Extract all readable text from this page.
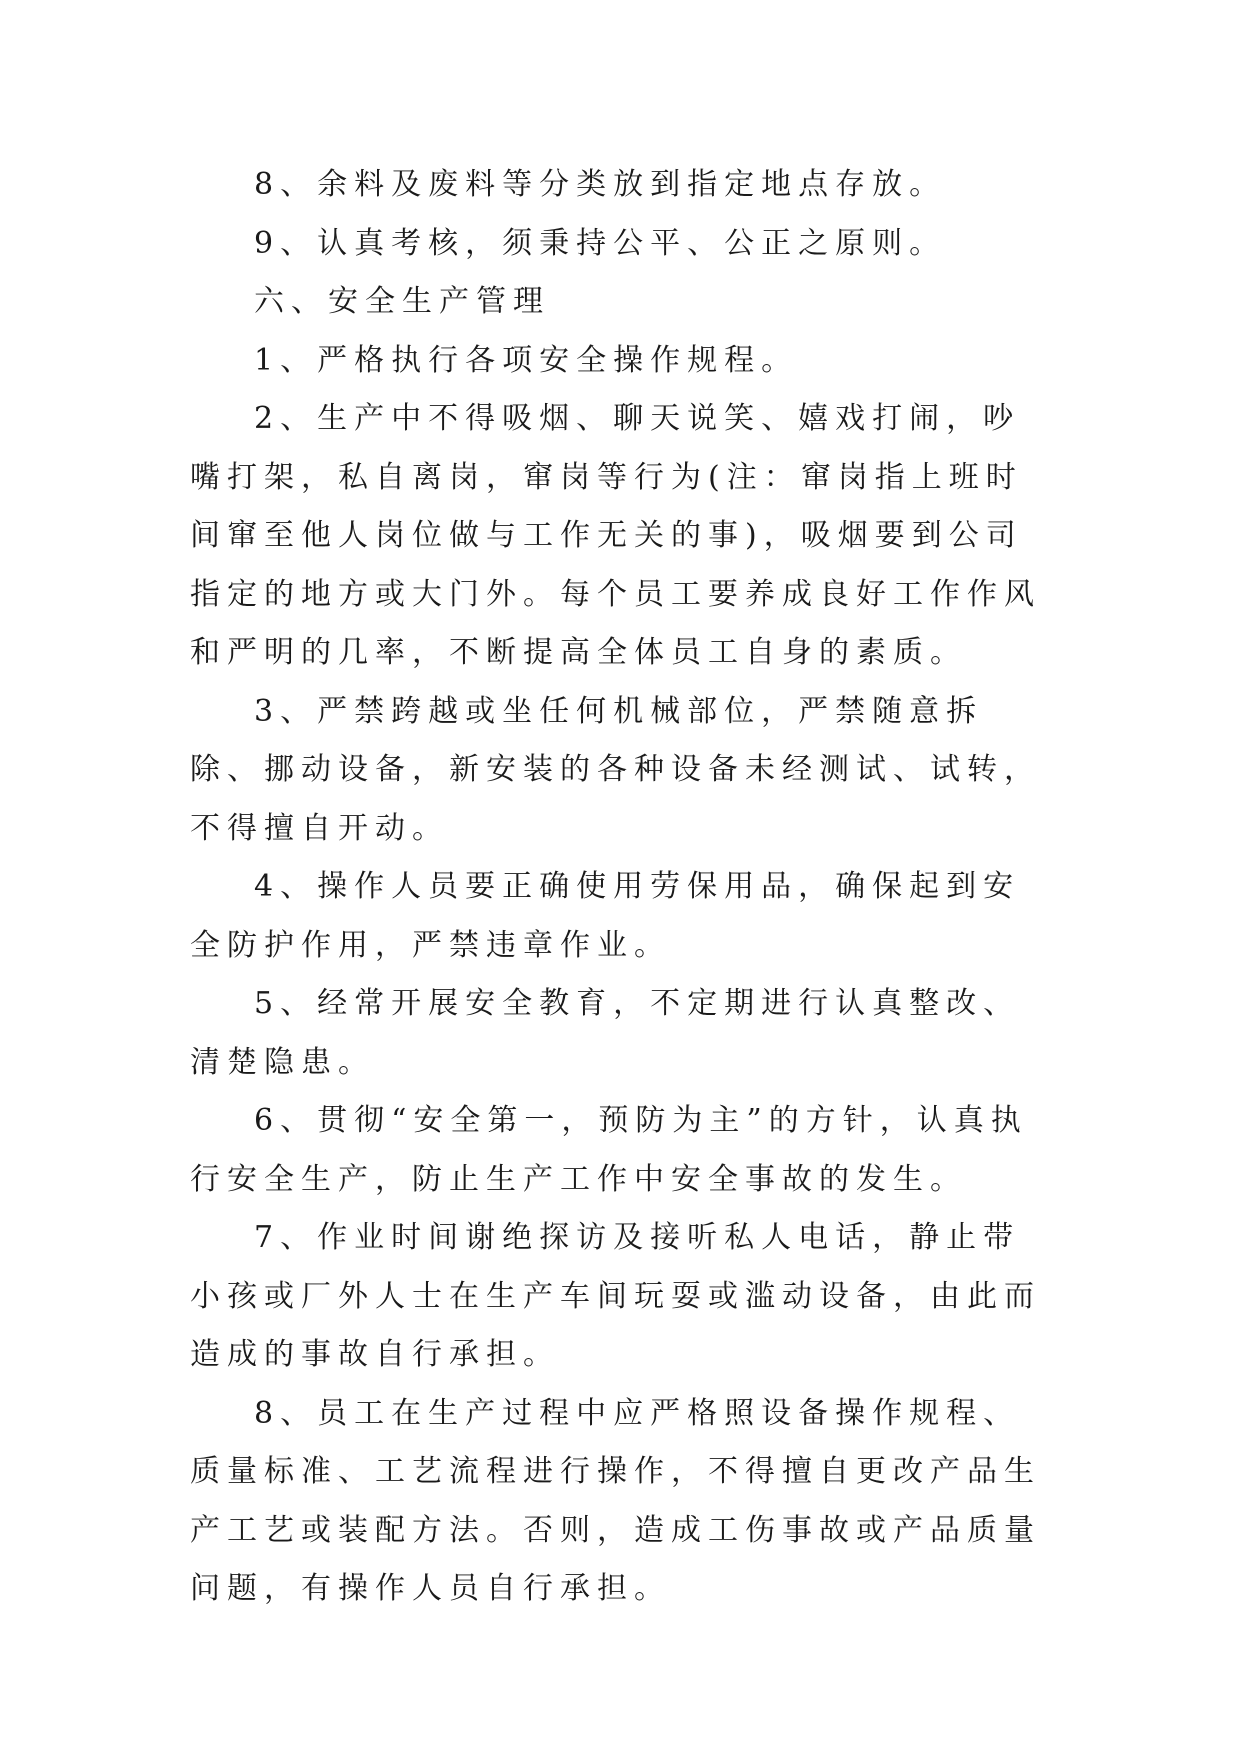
8、余料及废料等分类放到指定地点存放。

9、认真考核，须秉持公平、公正之原则。

六、安全生产管理

1、严格执行各项安全操作规程。

2、生产中不得吸烟、聊天说笑、嬉戏打闹，吵嘴打架，私自离岗，窜岗等行为(注：窜岗指上班时间窜至他人岗位做与工作无关的事)，吸烟要到公司指定的地方或大门外。每个员工要养成良好工作作风和严明的几率，不断提高全体员工自身的素质。

3、严禁跨越或坐任何机械部位，严禁随意拆除、挪动设备，新安装的各种设备未经测试、试转，不得擅自开动。

4、操作人员要正确使用劳保用品，确保起到安全防护作用，严禁违章作业。

5、经常开展安全教育，不定期进行认真整改、清楚隐患。

6、贯彻“安全第一，预防为主”的方针，认真执行安全生产，防止生产工作中安全事故的发生。

7、作业时间谢绝探访及接听私人电话，静止带小孩或厂外人士在生产车间玩耍或滥动设备，由此而造成的事故自行承担。

8、员工在生产过程中应严格照设备操作规程、质量标准、工艺流程进行操作，不得擅自更改产品生产工艺或装配方法。否则，造成工伤事故或产品质量问题，有操作人员自行承担。
